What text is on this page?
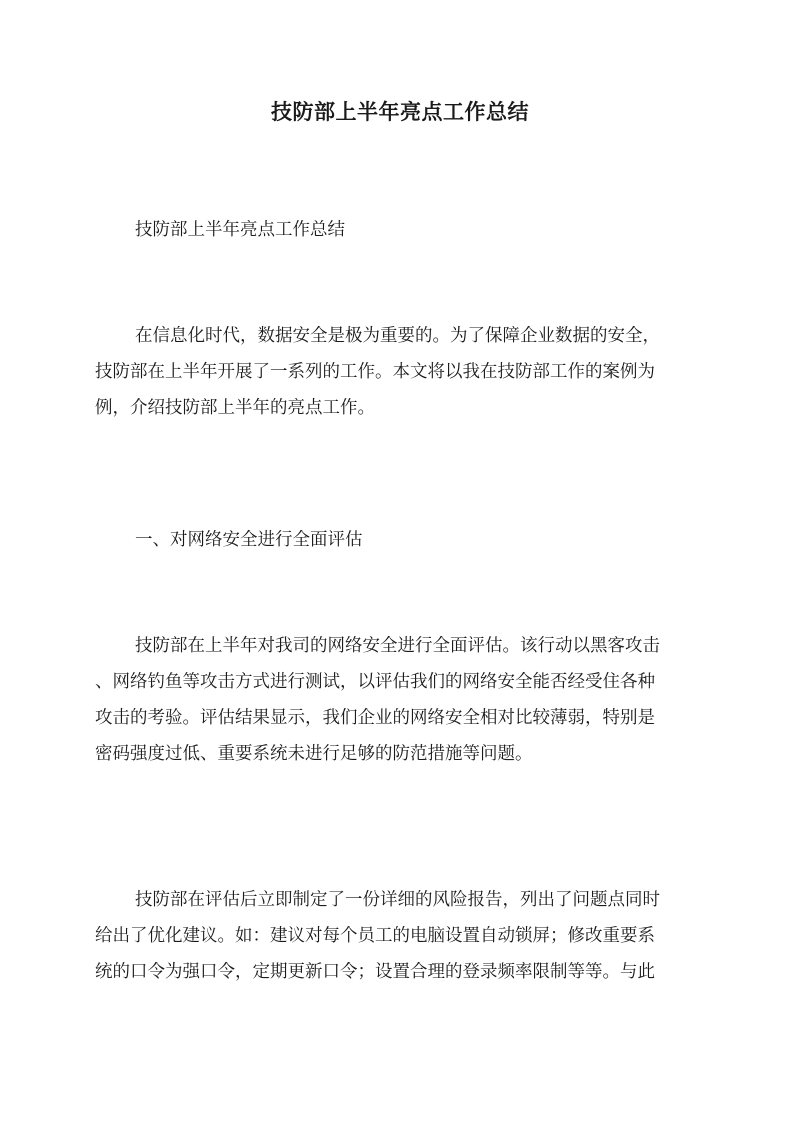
技防部上半年亮点工作总结

技防部上半年亮点工作总结

在信息化时代，数据安全是极为重要的。为了保障企业数据的安全，
技防部在上半年开展了一系列的工作。本文将以我在技防部工作的案例为
例，介绍技防部上半年的亮点工作。

一、对网络安全进行全面评估

技防部在上半年对我司的网络安全进行全面评估。该行动以黑客攻击
、网络钓鱼等攻击方式进行测试，以评估我们的网络安全能否经受住各种
攻击的考验。评估结果显示，我们企业的网络安全相对比较薄弱，特别是
密码强度过低、重要系统未进行足够的防范措施等问题。

技防部在评估后立即制定了一份详细的风险报告，列出了问题点同时
给出了优化建议。如：建议对每个员工的电脑设置自动锁屏；修改重要系
统的口令为强口令，定期更新口令；设置合理的登录频率限制等等。与此
